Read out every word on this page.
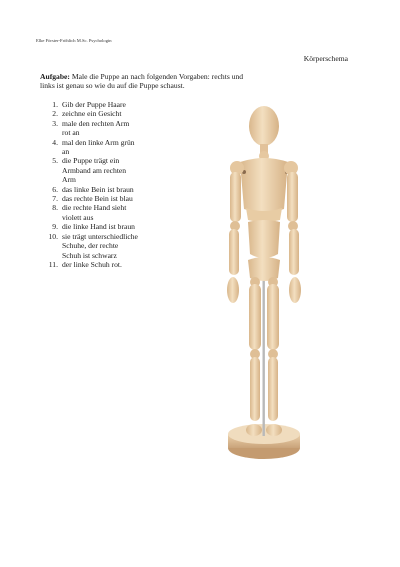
Elke Förster-Fröhlich M.Sc. Psychologin
Körperschema
Aufgabe: Male die Puppe an nach folgenden Vorgaben: rechts und links ist genau so wie du auf die Puppe schaust.
1. Gib der Puppe Haare
2. zeichne ein Gesicht
3. male den rechten Arm rot an
4. mal den linke Arm grün an
5. die Puppe trägt ein Armband am rechten Arm
6. das linke Bein ist braun
7. das rechte Bein ist blau
8. die rechte Hand sieht violett aus
9. die linke Hand ist braun
10. sie trägt unterschiedliche Schuhe, der rechte Schuh ist schwarz
11. der linke Schuh rot.
